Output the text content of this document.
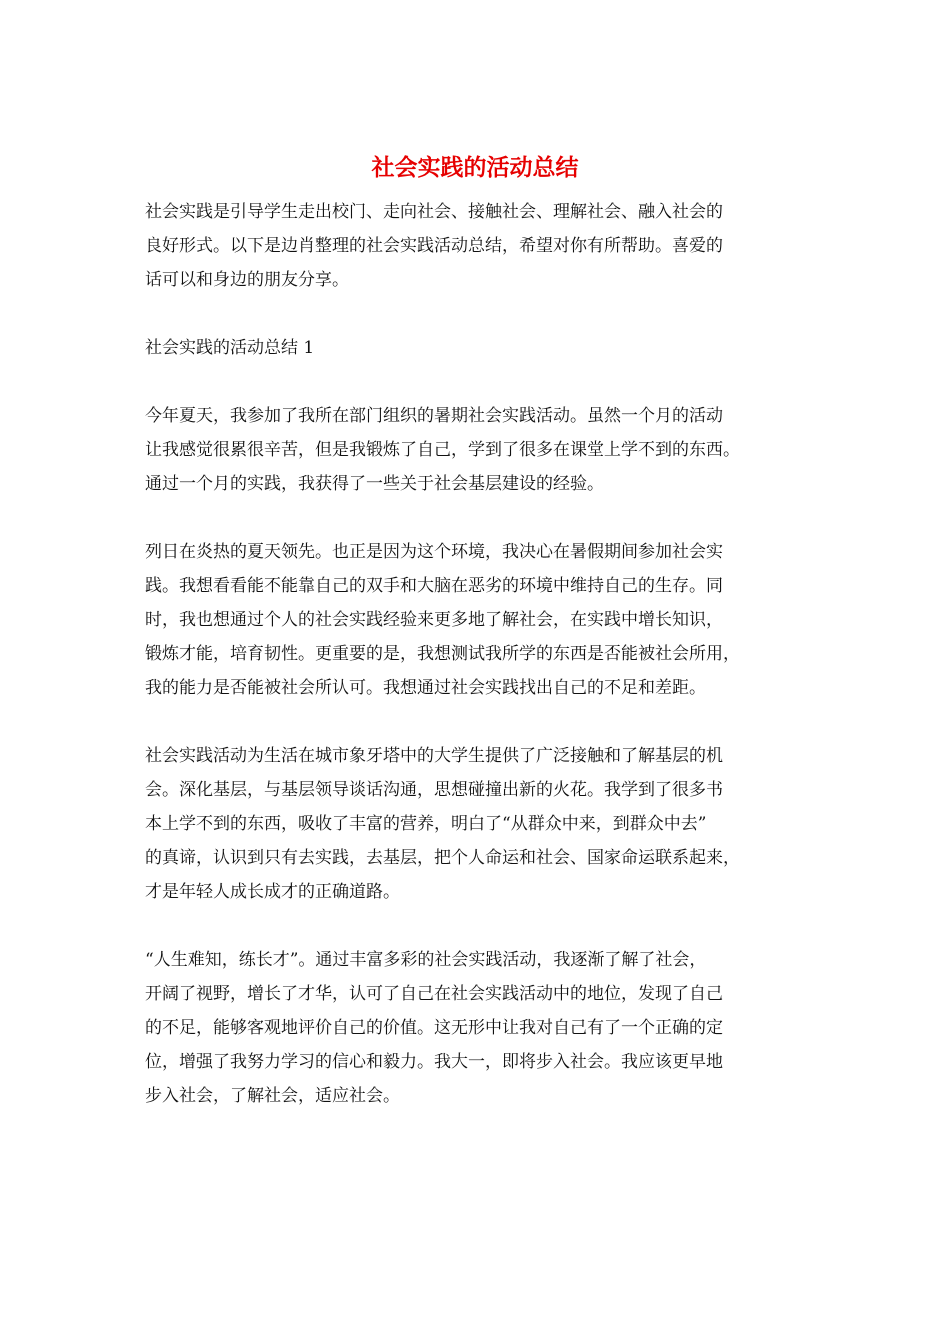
社会实践的活动总结

社会实践是引导学生走出校门、走向社会、接触社会、理解社会、融入社会的
良好形式。以下是边肖整理的社会实践活动总结，希望对你有所帮助。喜爱的
话可以和身边的朋友分享。

社会实践的活动总结 1

今年夏天，我参加了我所在部门组织的暑期社会实践活动。虽然一个月的活动
让我感觉很累很辛苦，但是我锻炼了自己，学到了很多在课堂上学不到的东西。
通过一个月的实践，我获得了一些关于社会基层建设的经验。

列日在炎热的夏天领先。也正是因为这个环境，我决心在暑假期间参加社会实
践。我想看看能不能靠自己的双手和大脑在恶劣的环境中维持自己的生存。同
时，我也想通过个人的社会实践经验来更多地了解社会，在实践中增长知识，
锻炼才能，培育韧性。更重要的是，我想测试我所学的东西是否能被社会所用，
我的能力是否能被社会所认可。我想通过社会实践找出自己的不足和差距。

社会实践活动为生活在城市象牙塔中的大学生提供了广泛接触和了解基层的机
会。深化基层，与基层领导谈话沟通，思想碰撞出新的火花。我学到了很多书
本上学不到的东西，吸收了丰富的营养，明白了“从群众中来，到群众中去”
的真谛，认识到只有去实践，去基层，把个人命运和社会、国家命运联系起来，
才是年轻人成长成才的正确道路。

“人生难知，练长才”。通过丰富多彩的社会实践活动，我逐渐了解了社会，
开阔了视野，增长了才华，认可了自己在社会实践活动中的地位，发现了自己
的不足，能够客观地评价自己的价值。这无形中让我对自己有了一个正确的定
位，增强了我努力学习的信心和毅力。我大一，即将步入社会。我应该更早地
步入社会，了解社会，适应社会。
